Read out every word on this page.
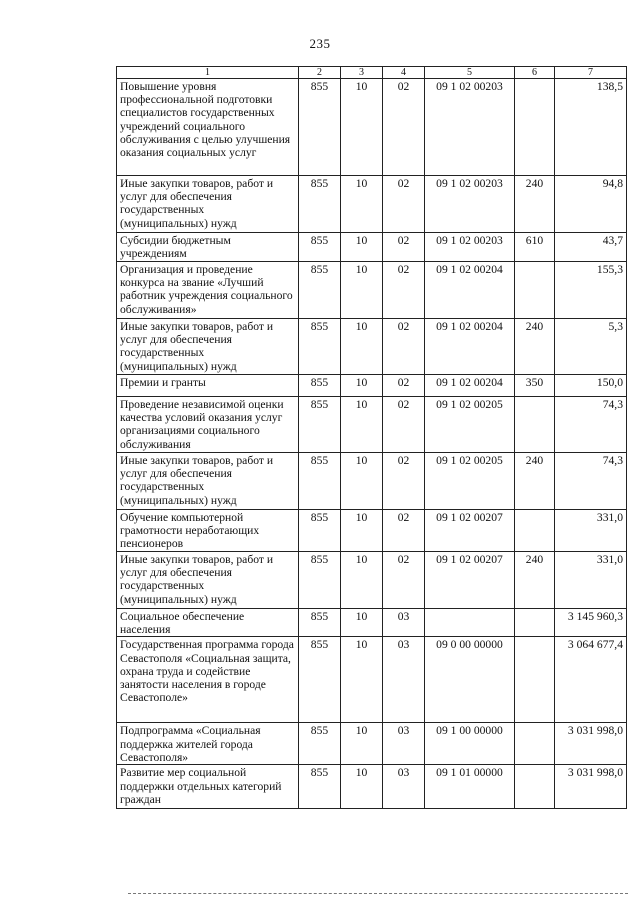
235
1	2	3	4	5	6	7
Повышение уровня профессиональной подготовки специалистов государственных учреждений социального обслуживания с целью улучшения оказания социальных услуг	855	10	02	09 1 02 00203		138,5
Иные закупки товаров, работ и услуг для обеспечения государственных (муниципальных) нужд	855	10	02	09 1 02 00203	240	94,8
Субсидии бюджетным учреждениям	855	10	02	09 1 02 00203	610	43,7
Организация и проведение конкурса на звание «Лучший работник учреждения социального обслуживания»	855	10	02	09 1 02 00204		155,3
Иные закупки товаров, работ и услуг для обеспечения государственных (муниципальных) нужд	855	10	02	09 1 02 00204	240	5,3
Премии и гранты	855	10	02	09 1 02 00204	350	150,0
Проведение независимой оценки качества условий оказания услуг организациями социального обслуживания	855	10	02	09 1 02 00205		74,3
Иные закупки товаров, работ и услуг для обеспечения государственных (муниципальных) нужд	855	10	02	09 1 02 00205	240	74,3
Обучение компьютерной грамотности неработающих пенсионеров	855	10	02	09 1 02 00207		331,0
Иные закупки товаров, работ и услуг для обеспечения государственных (муниципальных) нужд	855	10	02	09 1 02 00207	240	331,0
Социальное обеспечение населения	855	10	03			3 145 960,3
Государственная программа города Севастополя «Социальная защита, охрана труда и содействие занятости населения в городе Севастополе»	855	10	03	09 0 00 00000		3 064 677,4
Подпрограмма «Социальная поддержка жителей города Севастополя»	855	10	03	09 1 00 00000		3 031 998,0
Развитие мер социальной поддержки отдельных категорий граждан	855	10	03	09 1 01 00000		3 031 998,0
